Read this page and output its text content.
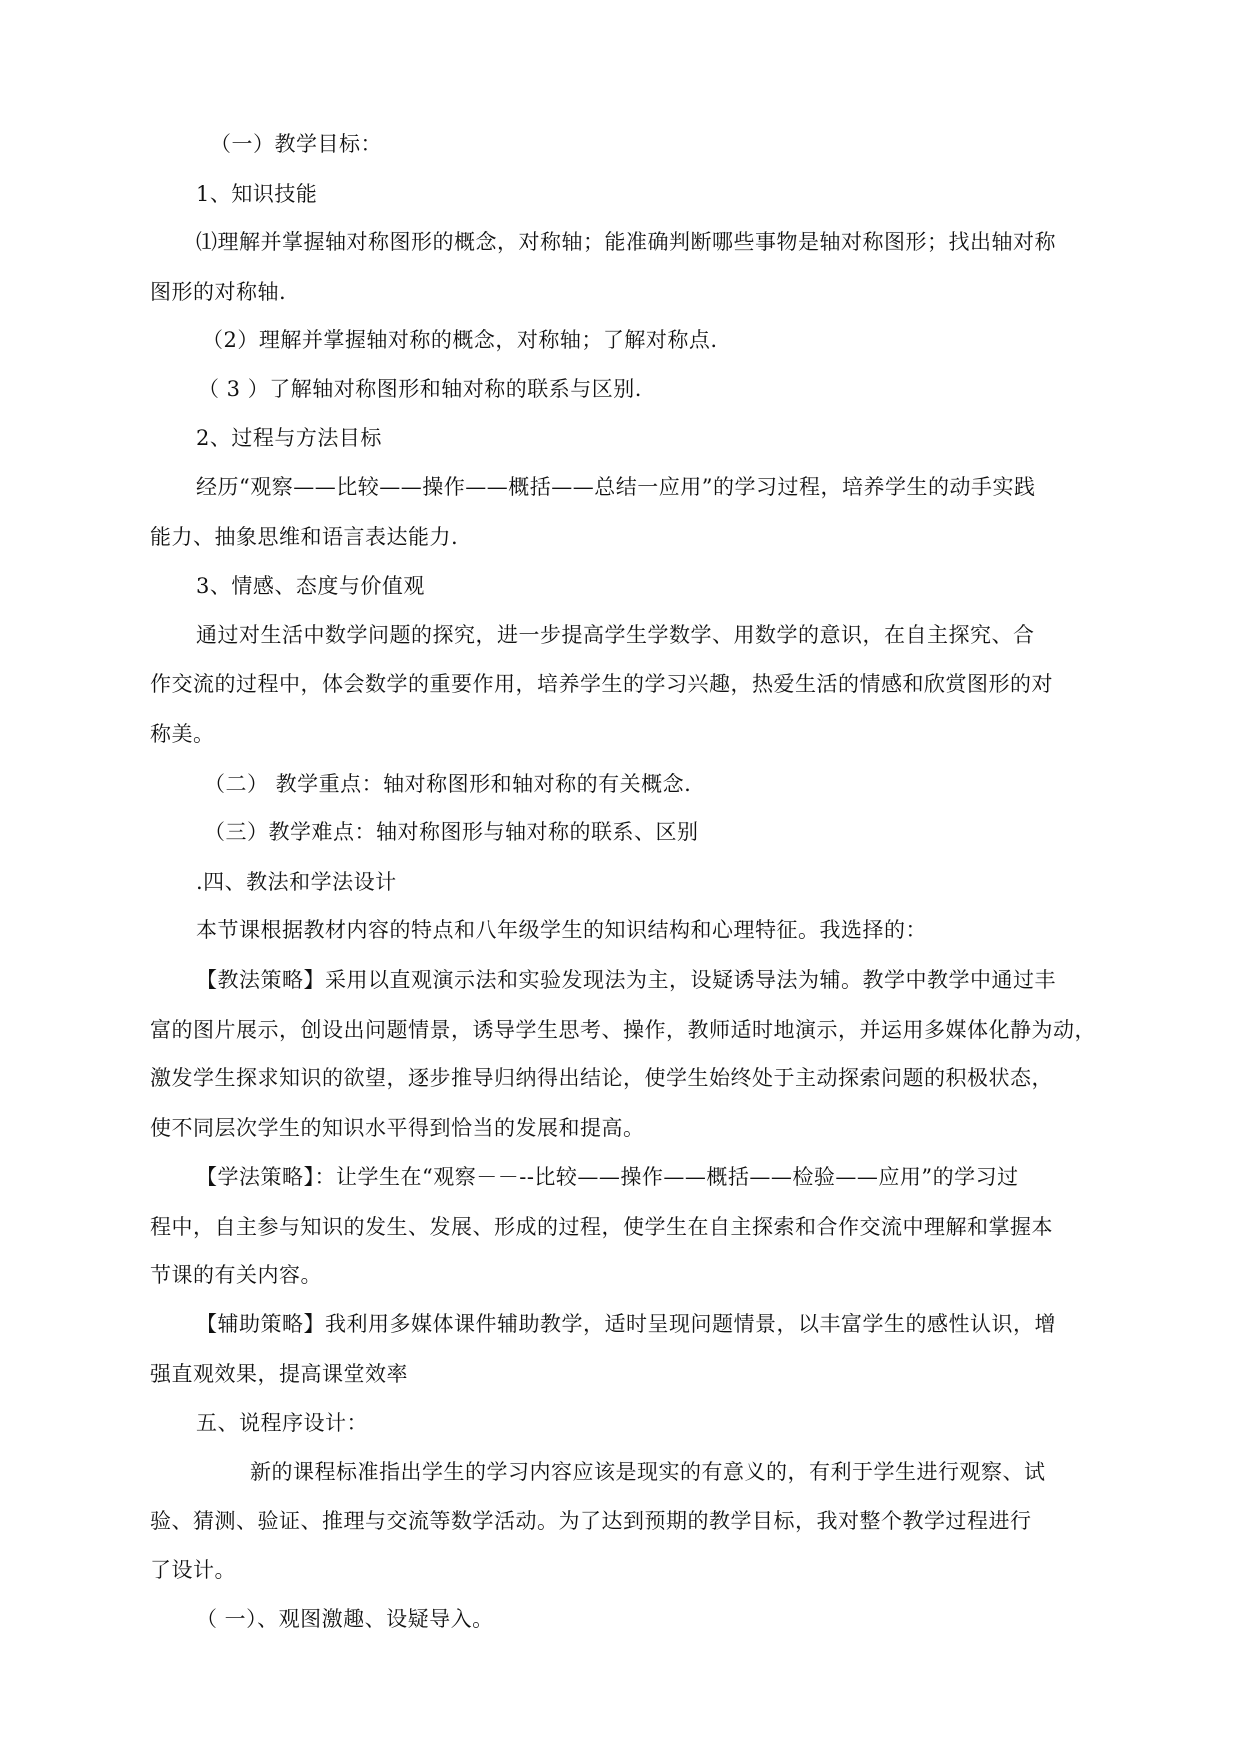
（一）教学目标：
1、知识技能
⑴理解并掌握轴对称图形的概念，对称轴；能准确判断哪些事物是轴对称图形；找出轴对称
图形的对称轴.
（2）理解并掌握轴对称的概念，对称轴；了解对称点.
（ 3 ）了解轴对称图形和轴对称的联系与区别.
2、过程与方法目标
经历“观察——比较——操作——概括——总结一应用”的学习过程，培养学生的动手实践
能力、抽象思维和语言表达能力.
3、情感、态度与价值观
通过对生活中数学问题的探究，进一步提高学生学数学、用数学的意识，在自主探究、合
作交流的过程中，体会数学的重要作用，培养学生的学习兴趣，热爱生活的情感和欣赏图形的对
称美。
（二） 教学重点：轴对称图形和轴对称的有关概念.
（三）教学难点：轴对称图形与轴对称的联系、区别
.四、教法和学法设计
本节课根据教材内容的特点和八年级学生的知识结构和心理特征。我选择的：
【教法策略】采用以直观演示法和实验发现法为主，设疑诱导法为辅。教学中教学中通过丰
富的图片展示，创设出问题情景，诱导学生思考、操作，教师适时地演示，并运用多媒体化静为动，
激发学生探求知识的欲望，逐步推导归纳得出结论，使学生始终处于主动探索问题的积极状态，
使不同层次学生的知识水平得到恰当的发展和提高。
【学法策略】：让学生在“观察－－--比较——操作——概括——检验——应用”的学习过
程中，自主参与知识的发生、发展、形成的过程，使学生在自主探索和合作交流中理解和掌握本
节课的有关内容。
【辅助策略】我利用多媒体课件辅助教学，适时呈现问题情景，以丰富学生的感性认识，增
强直观效果，提高课堂效率
五、说程序设计：
新的课程标准指出学生的学习内容应该是现实的有意义的，有利于学生进行观察、试
验、猜测、验证、推理与交流等数学活动。为了达到预期的教学目标，我对整个教学过程进行
了设计。
（ 一）、观图激趣、设疑导入。
